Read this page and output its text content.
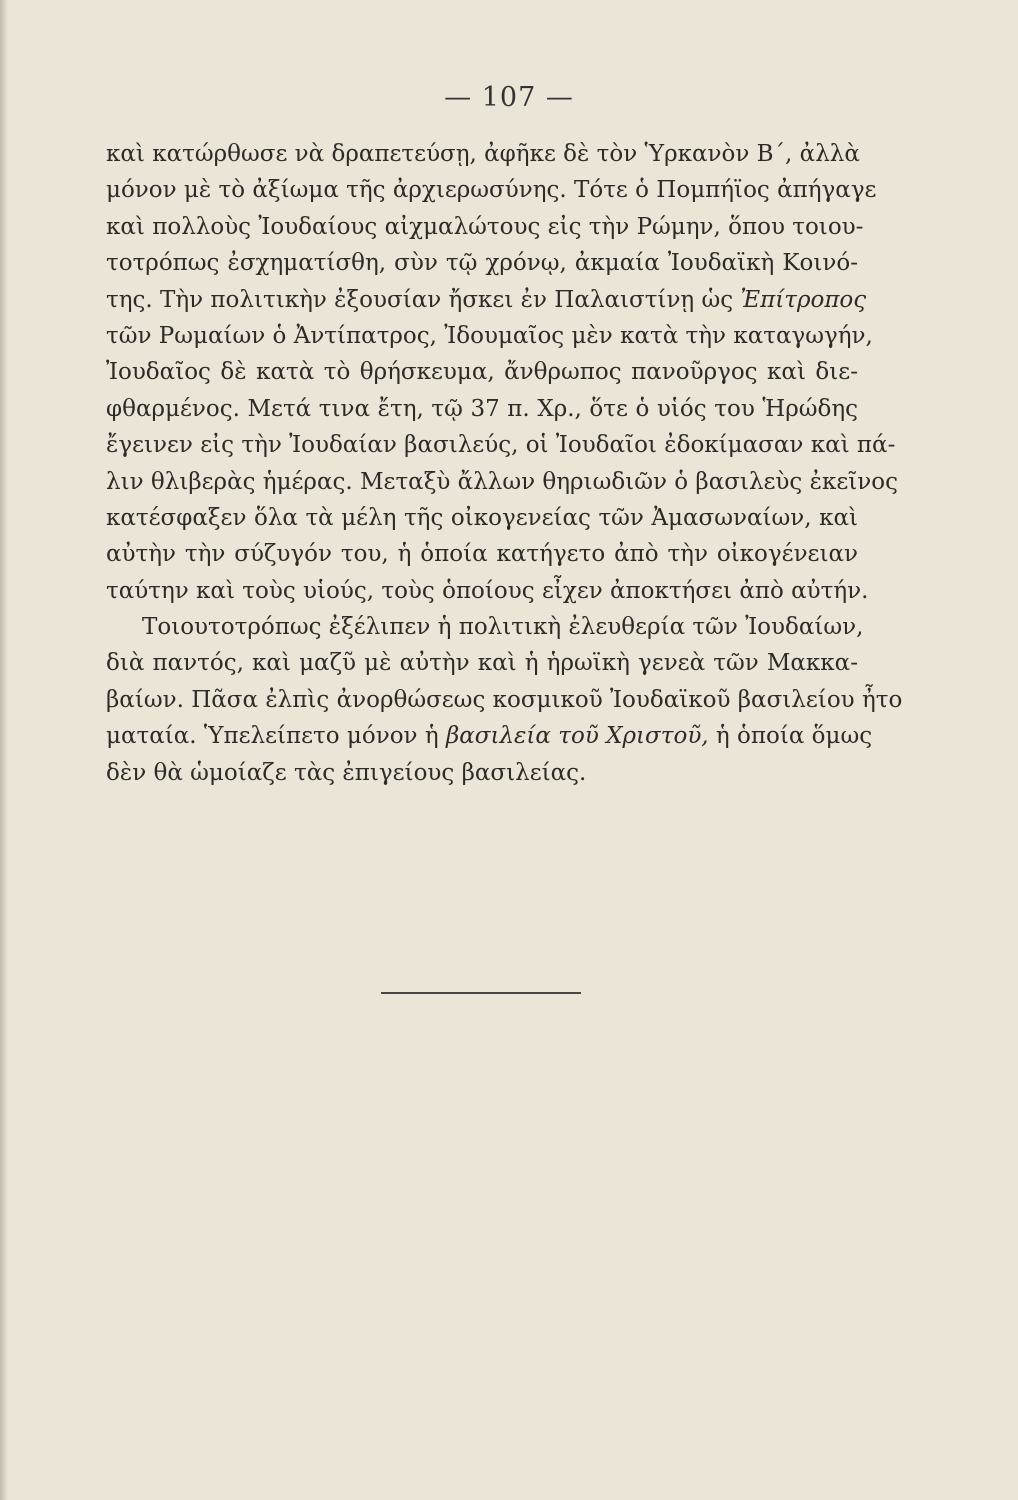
— 107 —
καὶ κατώρθωσε νὰ δραπετεύσῃ, ἀφῆκε δὲ τὸν Ὑρκανὸν Β΄, ἀλλὰ
μόνον μὲ τὸ ἀξίωμα τῆς ἀρχιερωσύνης. Τότε ὁ Πομπήϊος ἀπήγαγε
καὶ πολλοὺς Ἰουδαίους αἰχμαλώτους εἰς τὴν Ρώμην, ὅπου τοιου-
τοτρόπως ἐσχηματίσθη, σὺν τῷ χρόνῳ, ἀκμαία Ἰουδαϊκὴ Κοινό-
της. Τὴν πολιτικὴν ἐξουσίαν ἤσκει ἐν Παλαιστίνῃ ὡς Ἐπίτροπος
τῶν Ρωμαίων ὁ Ἀντίπατρος, Ἰδουμαῖος μὲν κατὰ τὴν καταγωγήν,
Ἰουδαῖος δὲ κατὰ τὸ θρήσκευμα, ἄνθρωπος πανοῦργος καὶ διε-
φθαρμένος. Μετά τινα ἔτη, τῷ 37 π. Χρ., ὅτε ὁ υἱός του Ἡρώδης
ἔγεινεν εἰς τὴν Ἰουδαίαν βασιλεύς, οἱ Ἰουδαῖοι ἐδοκίμασαν καὶ πά-
λιν θλιβερὰς ἡμέρας. Μεταξὺ ἄλλων θηριωδιῶν ὁ βασιλεὺς ἐκεῖνος
κατέσφαξεν ὅλα τὰ μέλη τῆς οἰκογενείας τῶν Ἀμασωναίων, καὶ
αὐτὴν τὴν σύζυγόν του, ἡ ὁποία κατήγετο ἀπὸ τὴν οἰκογένειαν
ταύτην καὶ τοὺς υἱούς, τοὺς ὁποίους εἶχεν ἀποκτήσει ἀπὸ αὐτήν.
Τοιουτοτρόπως ἐξέλιπεν ἡ πολιτικὴ ἐλευθερία τῶν Ἰουδαίων,
διὰ παντός, καὶ μαζῦ μὲ αὐτὴν καὶ ἡ ἡρωϊκὴ γενεὰ τῶν Μακκα-
βαίων. Πᾶσα ἐλπὶς ἀνορθώσεως κοσμικοῦ Ἰουδαϊκοῦ βασιλείου ἦτο
ματαία. Ὑπελείπετο μόνον ἡ βασιλεία τοῦ Χριστοῦ, ἡ ὁποία ὅμως
δὲν θὰ ὡμοίαζε τὰς ἐπιγείους βασιλείας.
